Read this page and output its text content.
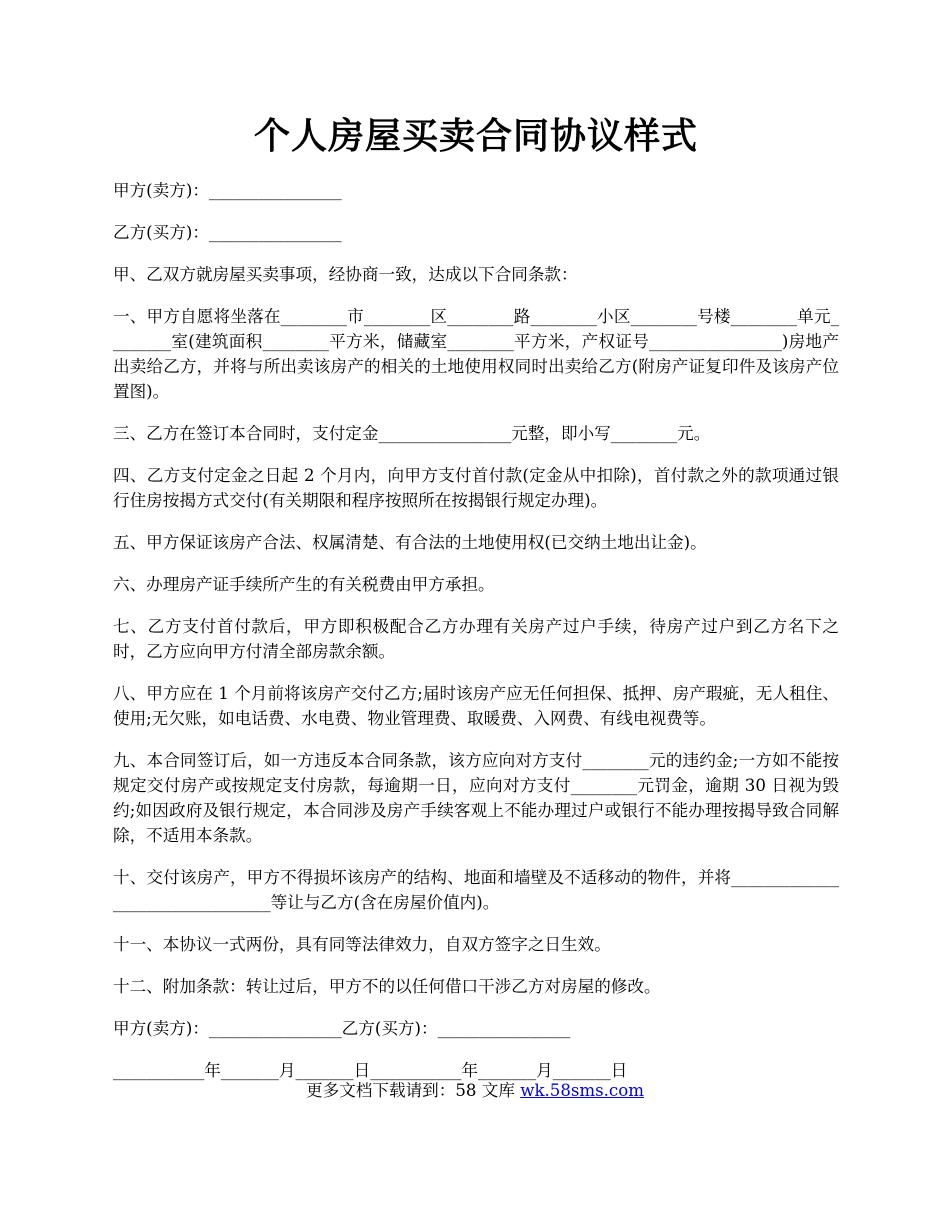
个人房屋买卖合同协议样式

甲方(卖方)：________________

乙方(买方)：________________

甲、乙双方就房屋买卖事项，经协商一致，达成以下合同条款：

一、甲方自愿将坐落在________市________区________路________小区________号楼________单元________室(建筑面积________平方米，储藏室________平方米，产权证号________________)房地产出卖给乙方，并将与所出卖该房产的相关的土地使用权同时出卖给乙方(附房产证复印件及该房产位置图)。

三、乙方在签订本合同时，支付定金________________元整，即小写________元。

四、乙方支付定金之日起 2 个月内，向甲方支付首付款(定金从中扣除)，首付款之外的款项通过银行住房按揭方式交付(有关期限和程序按照所在按揭银行规定办理)。

五、甲方保证该房产合法、权属清楚、有合法的土地使用权(已交纳土地出让金)。

六、办理房产证手续所产生的有关税费由甲方承担。

七、乙方支付首付款后，甲方即积极配合乙方办理有关房产过户手续，待房产过户到乙方名下之时，乙方应向甲方付清全部房款余额。

八、甲方应在 1 个月前将该房产交付乙方;届时该房产应无任何担保、抵押、房产瑕疵，无人租住、使用;无欠账，如电话费、水电费、物业管理费、取暖费、入网费、有线电视费等。

九、本合同签订后，如一方违反本合同条款，该方应向对方支付________元的违约金;一方如不能按规定交付房产或按规定支付房款，每逾期一日，应向对方支付________元罚金，逾期 30 日视为毁约;如因政府及银行规定，本合同涉及房产手续客观上不能办理过户或银行不能办理按揭导致合同解除，不适用本条款。

十、交付该房产，甲方不得损坏该房产的结构、地面和墙壁及不适移动的物件，并将________________________________等让与乙方(含在房屋价值内)。

十一、本协议一式两份，具有同等法律效力，自双方签字之日生效。

十二、附加条款：转让过后，甲方不的以任何借口干涉乙方对房屋的修改。

甲方(卖方)：________________乙方(买方)：________________

___________年_______月_______日___________年_______月_______日

更多文档下载请到：58 文库 wk.58sms.com
